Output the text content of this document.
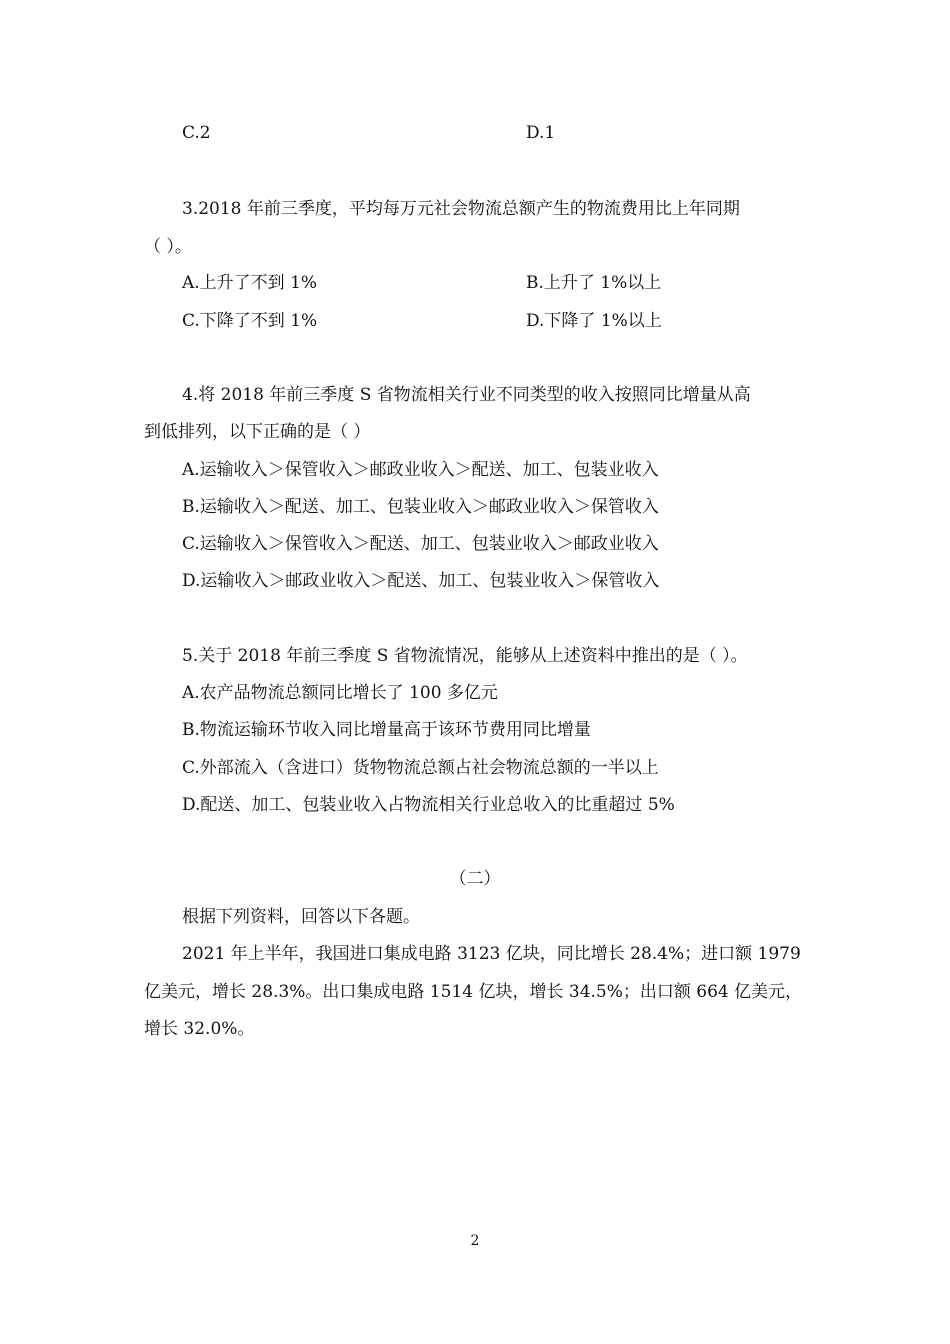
C.2	D.1
3.2018 年前三季度，平均每万元社会物流总额产生的物流费用比上年同期
（ ）。
A.上升了不到 1%	B.上升了 1%以上
C.下降了不到 1%	D.下降了 1%以上
4.将 2018 年前三季度 S 省物流相关行业不同类型的收入按照同比增量从高
到低排列，以下正确的是（ ）
A.运输收入＞保管收入＞邮政业收入＞配送、加工、包装业收入
B.运输收入＞配送、加工、包装业收入＞邮政业收入＞保管收入
C.运输收入＞保管收入＞配送、加工、包装业收入＞邮政业收入
D.运输收入＞邮政业收入＞配送、加工、包装业收入＞保管收入
5.关于 2018 年前三季度 S 省物流情况，能够从上述资料中推出的是（ ）。
A.农产品物流总额同比增长了 100 多亿元
B.物流运输环节收入同比增量高于该环节费用同比增量
C.外部流入（含进口）货物物流总额占社会物流总额的一半以上
D.配送、加工、包装业收入占物流相关行业总收入的比重超过 5%
（二）
根据下列资料，回答以下各题。
2021 年上半年，我国进口集成电路 3123 亿块，同比增长 28.4%；进口额 1979
亿美元，增长 28.3%。出口集成电路 1514 亿块，增长 34.5%；出口额 664 亿美元，
增长 32.0%。
2
